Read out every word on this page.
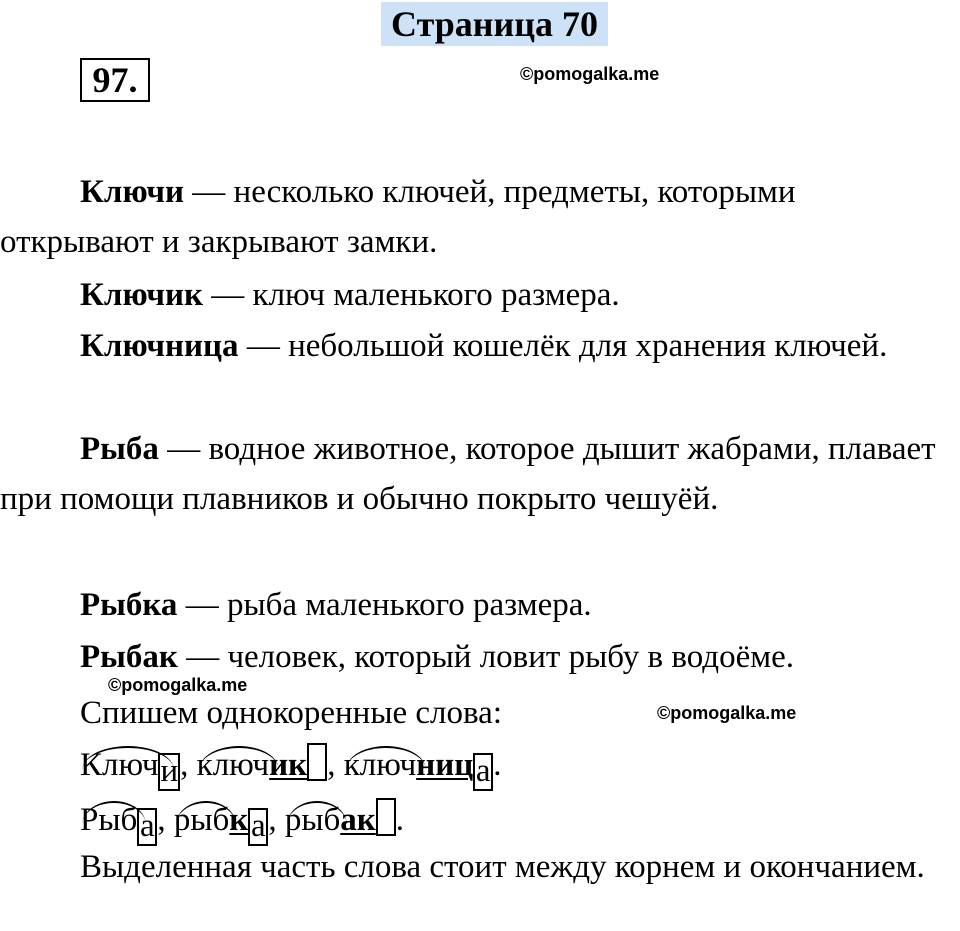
Страница 70
97.	©pomogalka.me

Ключи — несколько ключей, предметы, которыми открывают и закрывают замки.

Ключик — ключ маленького размера.

Ключница — небольшой кошелёк для хранения ключей.

Рыба — водное животное, которое дышит жабрами, плавает при помощи плавников и обычно покрыто чешуёй.

Рыбка — рыба маленького размера.

Рыбак — человек, который ловит рыбу в водоёме.

©pomogalka.me
Спишем однокоренные слова:	©pomogalka.me
Ключи, ключик , ключница.
Рыба, рыбка, рыбак .

Выделенная часть слова стоит между корнем и окончанием.
